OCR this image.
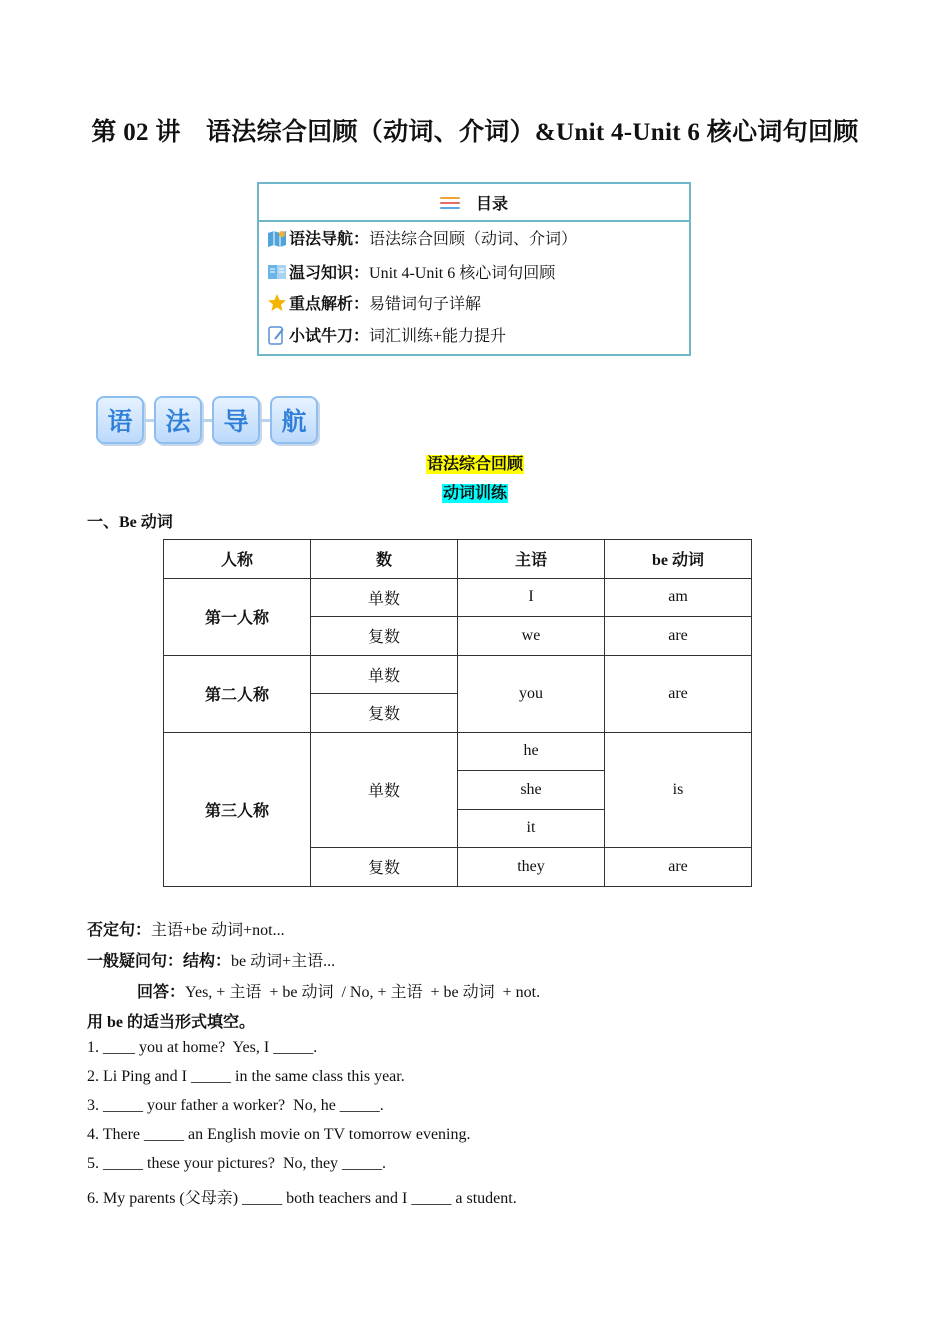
第 02 讲　语法综合回顾（动词、介词）&Unit 4-Unit 6 核心词句回顾
目录
语法导航： 语法综合回顾（动词、介词）
温习知识： Unit 4-Unit 6 核心词句回顾
重点解析： 易错词句子详解
小试牛刀： 词汇训练+能力提升
语	法	导	航
语法综合回顾
动词训练
一、Be 动词
人称	数	主语	be 动词
第一人称	单数	I	am
	复数	we	are
第二人称	单数	you	are
	复数		
第三人称	单数	he	is
		she	
		it	
	复数	they	are
否定句：主语+be 动词+not...
一般疑问句：结构：be 动词+主语...
回答：Yes, + 主语  + be 动词  / No, + 主语  + be 动词  + not.
用 be 的适当形式填空。
1. ____ you at home?  Yes, I _____.
2. Li Ping and I _____ in the same class this year.
3. _____ your father a worker?  No, he _____.
4. There _____ an English movie on TV tomorrow evening.
5. _____ these your pictures?  No, they _____.
6. My parents (父母亲) _____ both teachers and I _____ a student.
